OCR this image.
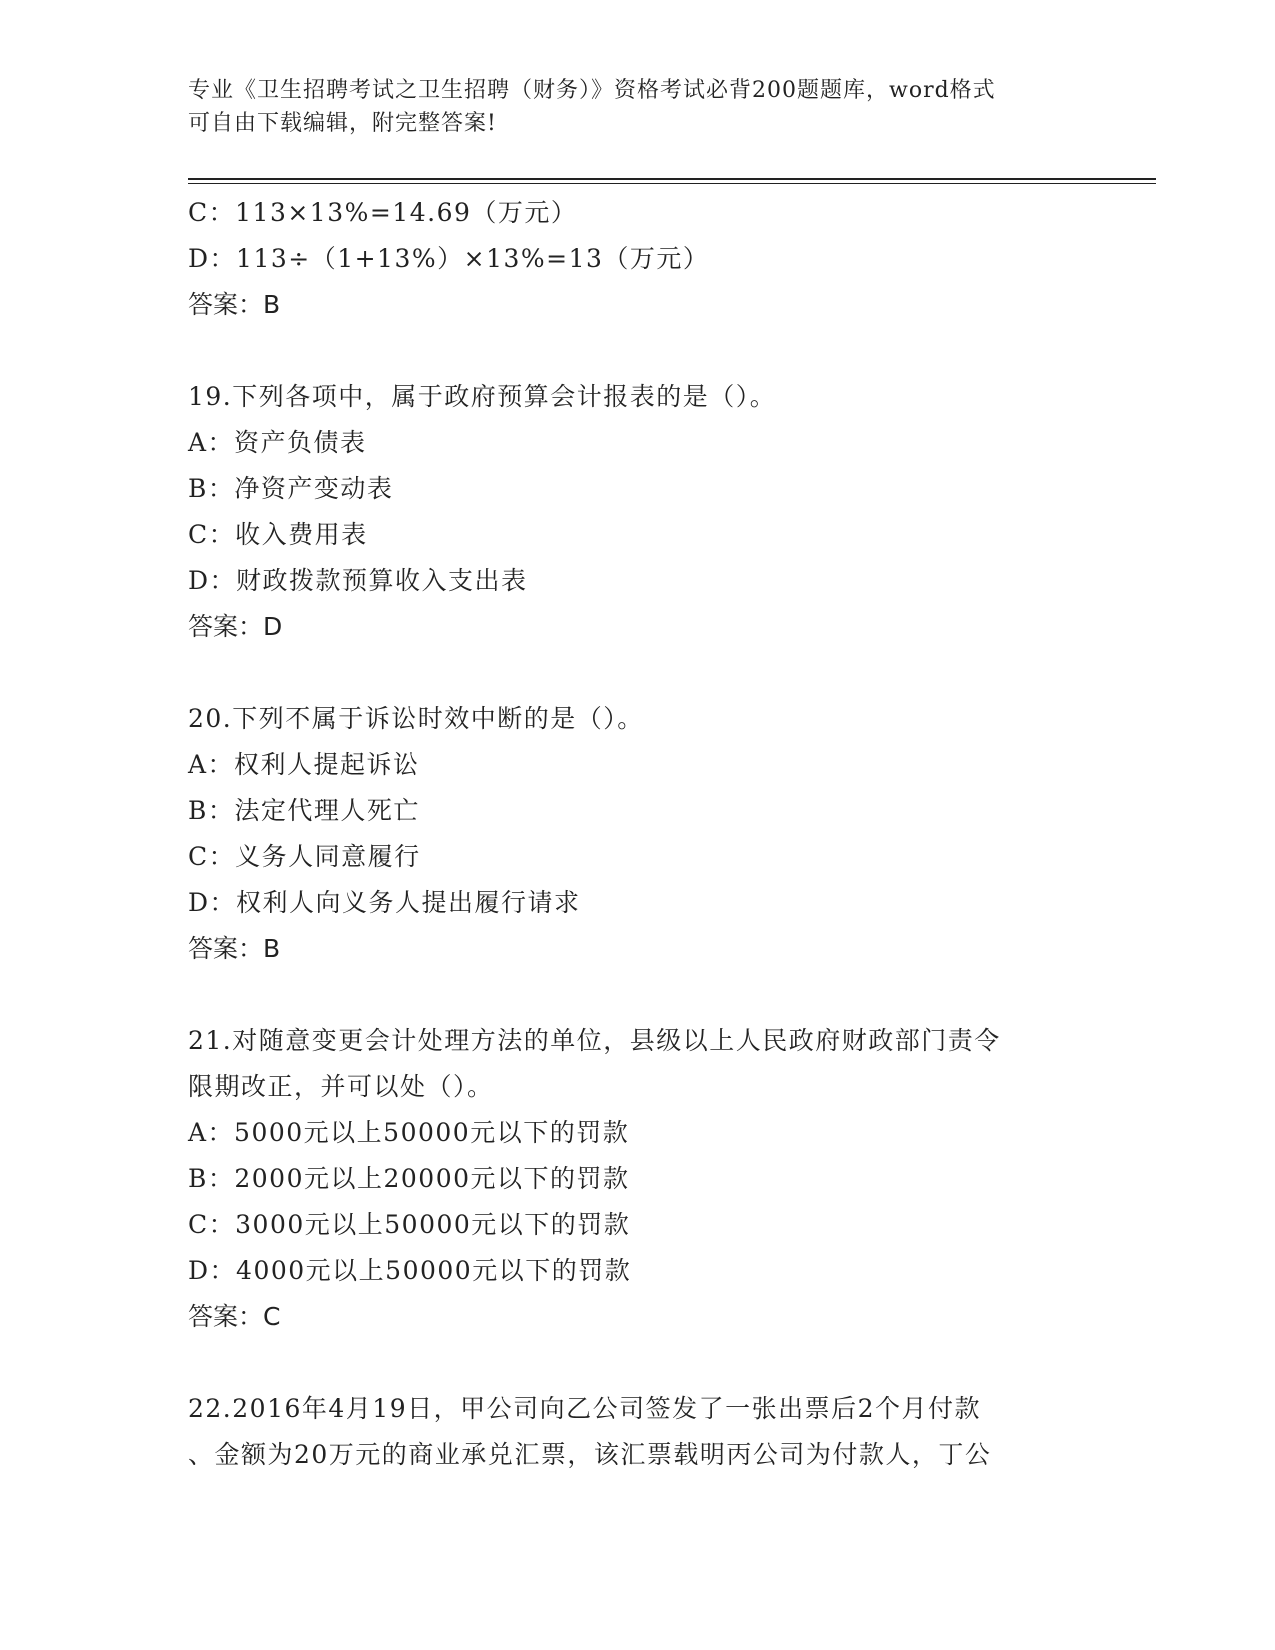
专业《卫生招聘考试之卫生招聘（财务）》资格考试必背200题题库，word格式
可自由下载编辑，附完整答案!
C：113×13%=14.69（万元）
D：113÷（1+13%）×13%=13（万元）
答案：B
19.下列各项中，属于政府预算会计报表的是（）。
A：资产负债表
B：净资产变动表
C：收入费用表
D：财政拨款预算收入支出表
答案：D
20.下列不属于诉讼时效中断的是（）。
A：权利人提起诉讼
B：法定代理人死亡
C：义务人同意履行
D：权利人向义务人提出履行请求
答案：B
21.对随意变更会计处理方法的单位，县级以上人民政府财政部门责令
限期改正，并可以处（）。
A：5000元以上50000元以下的罚款
B：2000元以上20000元以下的罚款
C：3000元以上50000元以下的罚款
D：4000元以上50000元以下的罚款
答案：C
22.2016年4月19日，甲公司向乙公司签发了一张出票后2个月付款
、金额为20万元的商业承兑汇票，该汇票载明丙公司为付款人，丁公
